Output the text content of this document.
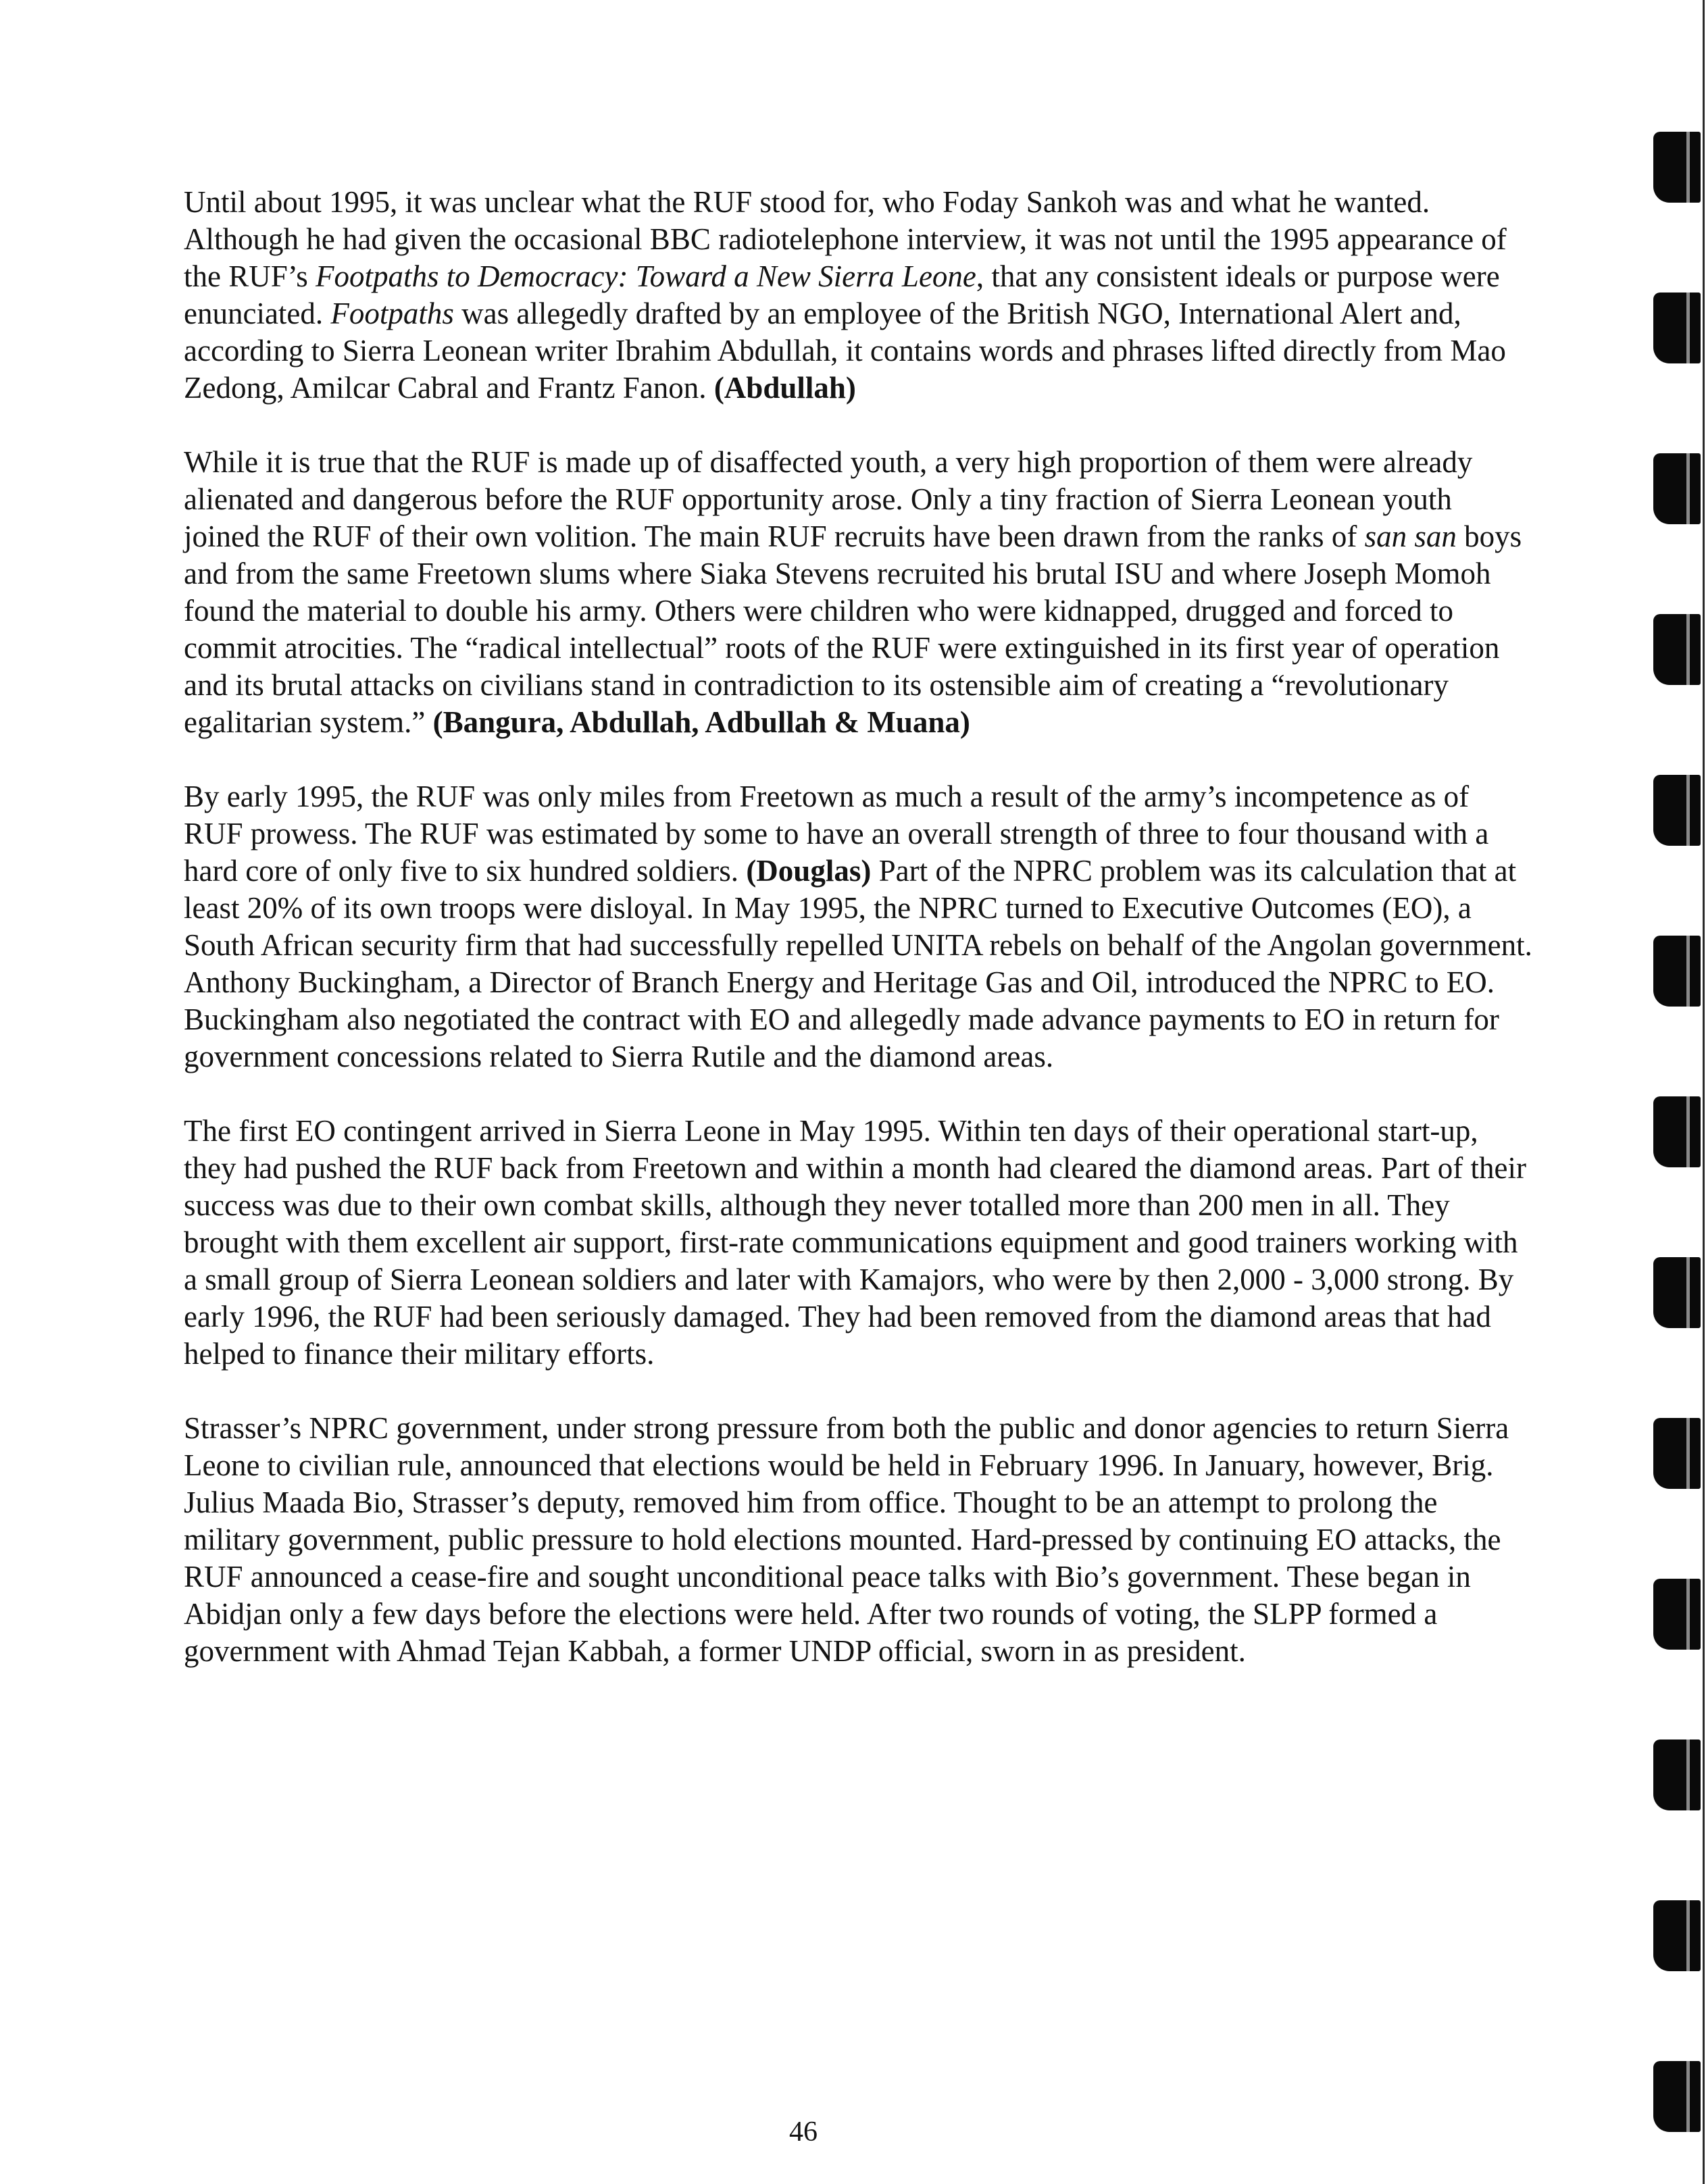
Until about 1995, it was unclear what the RUF stood for, who Foday Sankoh was and what he wanted. Although he had given the occasional BBC radiotelephone interview, it was not until the 1995 appearance of the RUF’s Footpaths to Democracy: Toward a New Sierra Leone, that any consistent ideals or purpose were enunciated. Footpaths was allegedly drafted by an employee of the British NGO, International Alert and, according to Sierra Leonean writer Ibrahim Abdullah, it contains words and phrases lifted directly from Mao Zedong, Amilcar Cabral and Frantz Fanon. (Abdullah)

While it is true that the RUF is made up of disaffected youth, a very high proportion of them were already alienated and dangerous before the RUF opportunity arose. Only a tiny fraction of Sierra Leonean youth joined the RUF of their own volition. The main RUF recruits have been drawn from the ranks of san san boys and from the same Freetown slums where Siaka Stevens recruited his brutal ISU and where Joseph Momoh found the material to double his army. Others were children who were kidnapped, drugged and forced to commit atrocities. The “radical intellectual” roots of the RUF were extinguished in its first year of operation and its brutal attacks on civilians stand in contradiction to its ostensible aim of creating a “revolutionary egalitarian system.” (Bangura, Abdullah, Adbullah & Muana)

By early 1995, the RUF was only miles from Freetown as much a result of the army’s incompetence as of RUF prowess. The RUF was estimated by some to have an overall strength of three to four thousand with a hard core of only five to six hundred soldiers. (Douglas) Part of the NPRC problem was its calculation that at least 20% of its own troops were disloyal. In May 1995, the NPRC turned to Executive Outcomes (EO), a South African security firm that had successfully repelled UNITA rebels on behalf of the Angolan government. Anthony Buckingham, a Director of Branch Energy and Heritage Gas and Oil, introduced the NPRC to EO. Buckingham also negotiated the contract with EO and allegedly made advance payments to EO in return for government concessions related to Sierra Rutile and the diamond areas.

The first EO contingent arrived in Sierra Leone in May 1995. Within ten days of their operational start-up, they had pushed the RUF back from Freetown and within a month had cleared the diamond areas. Part of their success was due to their own combat skills, although they never totalled more than 200 men in all. They brought with them excellent air support, first-rate communications equipment and good trainers working with a small group of Sierra Leonean soldiers and later with Kamajors, who were by then 2,000 - 3,000 strong. By early 1996, the RUF had been seriously damaged. They had been removed from the diamond areas that had helped to finance their military efforts.

Strasser’s NPRC government, under strong pressure from both the public and donor agencies to return Sierra Leone to civilian rule, announced that elections would be held in February 1996. In January, however, Brig. Julius Maada Bio, Strasser’s deputy, removed him from office. Thought to be an attempt to prolong the military government, public pressure to hold elections mounted. Hard-pressed by continuing EO attacks, the RUF announced a cease-fire and sought unconditional peace talks with Bio’s government. These began in Abidjan only a few days before the elections were held. After two rounds of voting, the SLPP formed a government with Ahmad Tejan Kabbah, a former UNDP official, sworn in as president.

46
